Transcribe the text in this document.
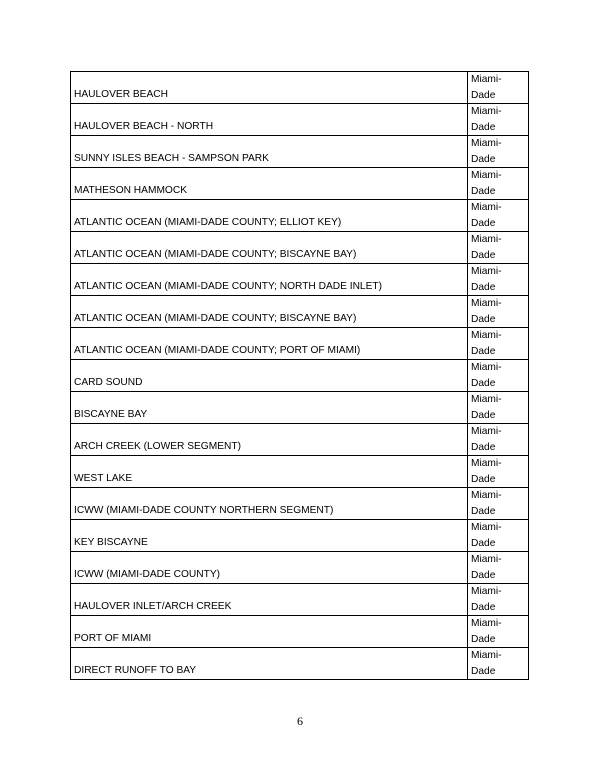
HAULOVER BEACH	Miami-
Dade

HAULOVER BEACH - NORTH	Miami-
Dade

SUNNY ISLES BEACH - SAMPSON PARK	Miami-
Dade

MATHESON HAMMOCK	Miami-
Dade

ATLANTIC OCEAN (MIAMI-DADE COUNTY; ELLIOT KEY)	Miami-
Dade

ATLANTIC OCEAN (MIAMI-DADE COUNTY; BISCAYNE BAY)	Miami-
Dade

ATLANTIC OCEAN (MIAMI-DADE COUNTY; NORTH DADE INLET)	Miami-
Dade

ATLANTIC OCEAN (MIAMI-DADE COUNTY; BISCAYNE BAY)	Miami-
Dade

ATLANTIC OCEAN (MIAMI-DADE COUNTY; PORT OF MIAMI)	Miami-
Dade

CARD SOUND	Miami-
Dade

BISCAYNE BAY	Miami-
Dade

ARCH CREEK (LOWER SEGMENT)	Miami-
Dade

WEST LAKE	Miami-
Dade

ICWW (MIAMI-DADE COUNTY NORTHERN SEGMENT)	Miami-
Dade

KEY BISCAYNE	Miami-
Dade

ICWW (MIAMI-DADE COUNTY)	Miami-
Dade

HAULOVER INLET/ARCH CREEK	Miami-
Dade

PORT OF MIAMI	Miami-
Dade

DIRECT RUNOFF TO BAY	Miami-
Dade
6
